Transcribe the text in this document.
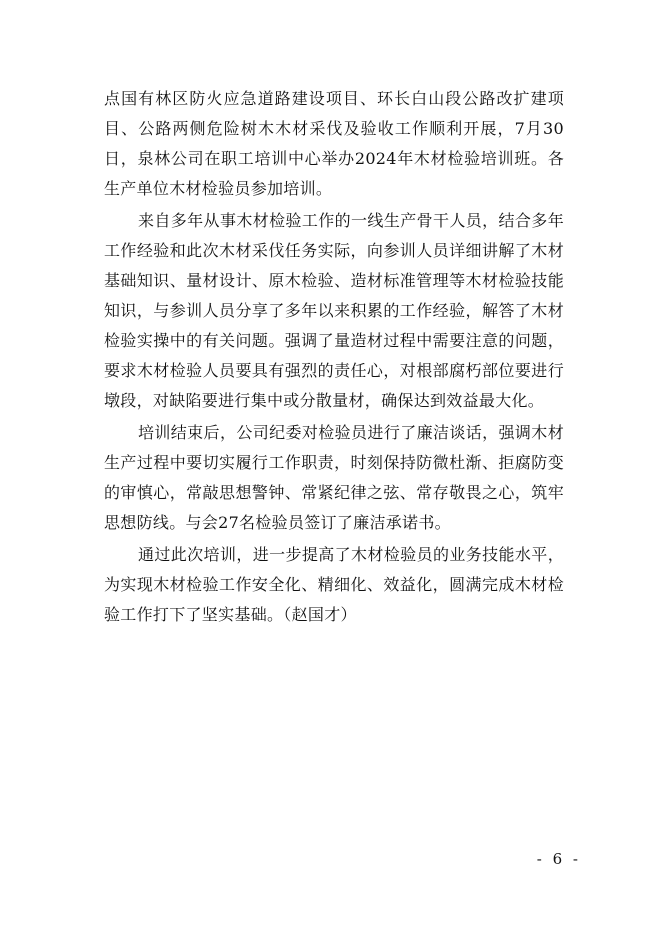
点国有林区防火应急道路建设项目、环长白山段公路改扩建项目、公路两侧危险树木木材采伐及验收工作顺利开展，7月30日，泉林公司在职工培训中心举办2024年木材检验培训班。各生产单位木材检验员参加培训。

来自多年从事木材检验工作的一线生产骨干人员，结合多年工作经验和此次木材采伐任务实际，向参训人员详细讲解了木材基础知识、量材设计、原木检验、造材标准管理等木材检验技能知识，与参训人员分享了多年以来积累的工作经验，解答了木材检验实操中的有关问题。强调了量造材过程中需要注意的问题，要求木材检验人员要具有强烈的责任心，对根部腐朽部位要进行墩段，对缺陷要进行集中或分散量材，确保达到效益最大化。

培训结束后，公司纪委对检验员进行了廉洁谈话，强调木材生产过程中要切实履行工作职责，时刻保持防微杜渐、拒腐防变的审慎心，常敲思想警钟、常紧纪律之弦、常存敬畏之心，筑牢思想防线。与会27名检验员签订了廉洁承诺书。

通过此次培训，进一步提高了木材检验员的业务技能水平，为实现木材检验工作安全化、精细化、效益化，圆满完成木材检验工作打下了坚实基础。（赵国才）

- 6 -
